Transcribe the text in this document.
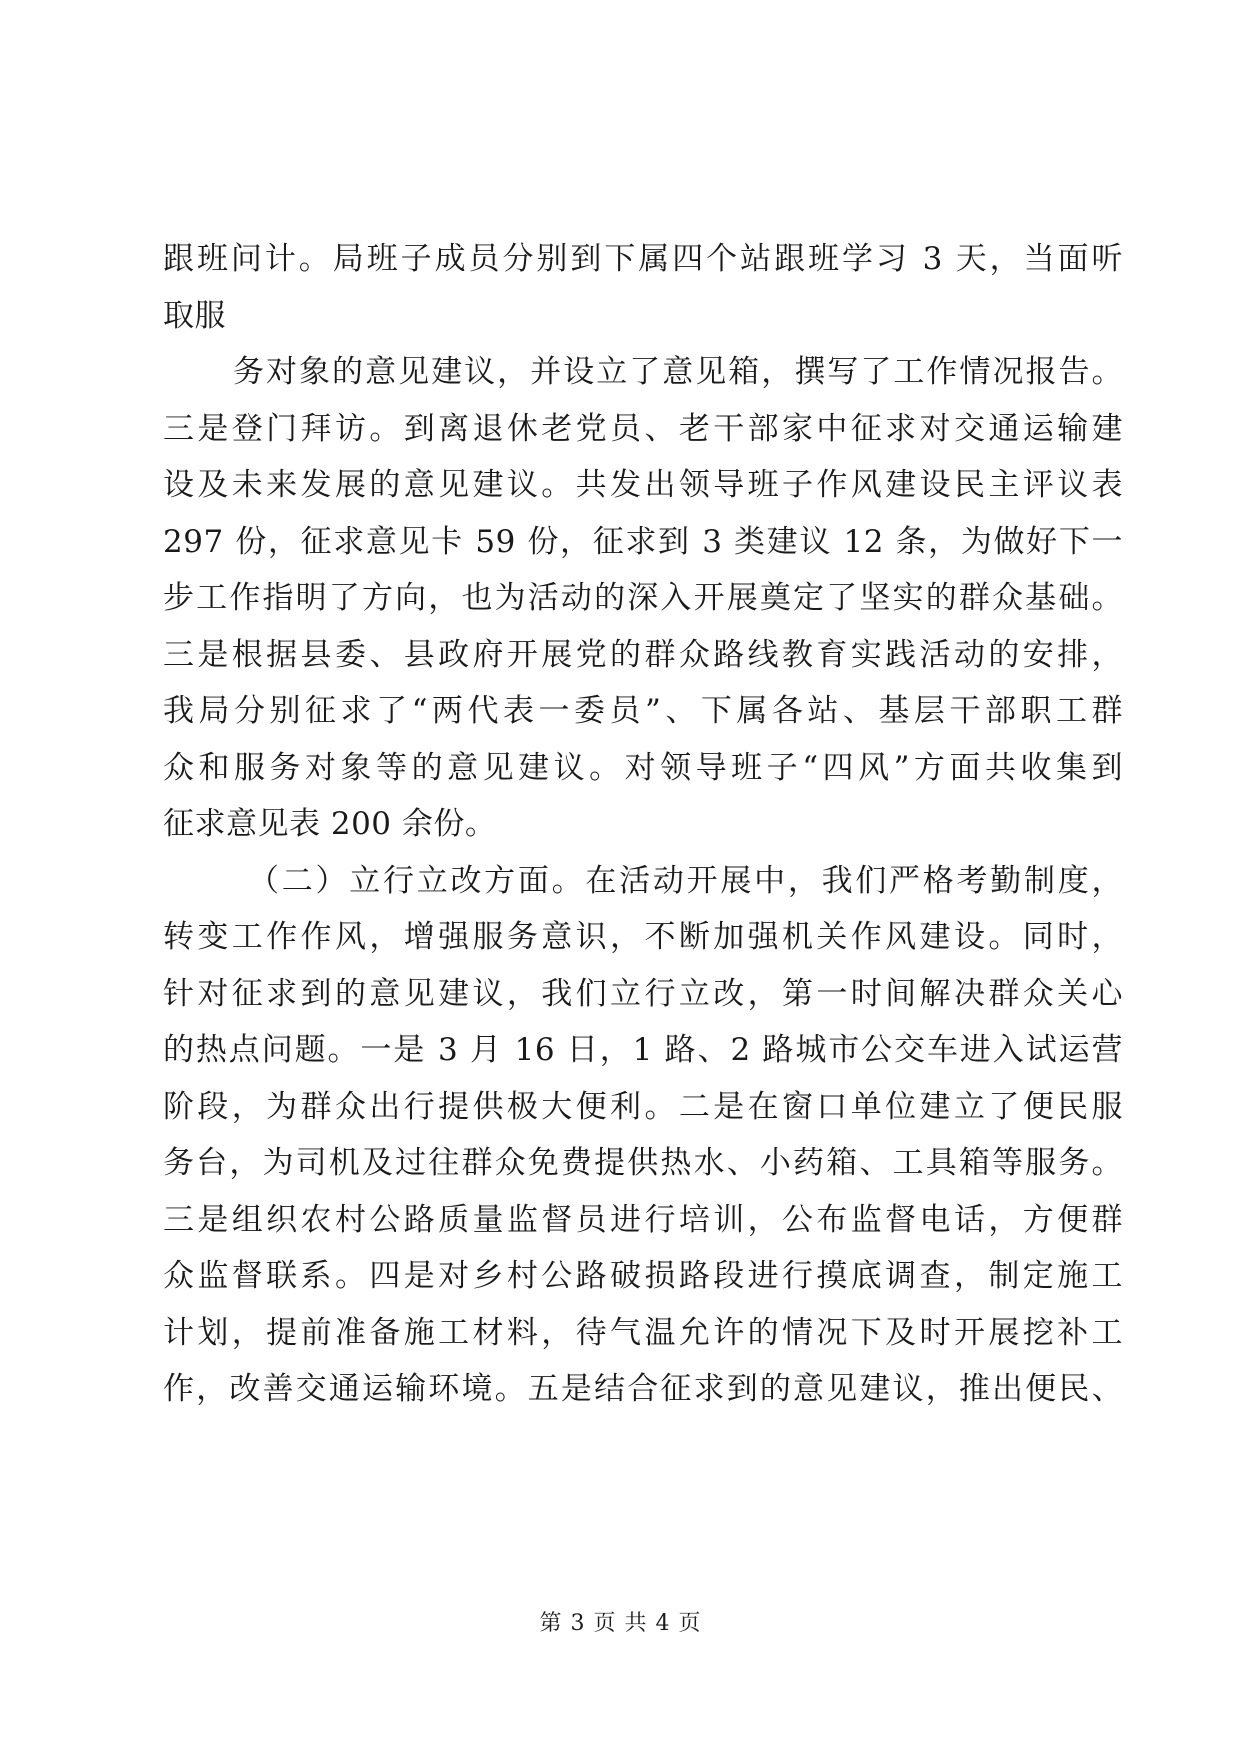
跟班问计。局班子成员分别到下属四个站跟班学习 3 天，当面听
取服
务对象的意见建议，并设立了意见箱，撰写了工作情况报告。
三是登门拜访。到离退休老党员、老干部家中征求对交通运输建
设及未来发展的意见建议。共发出领导班子作风建设民主评议表
297 份，征求意见卡 59 份，征求到 3 类建议 12 条，为做好下一
步工作指明了方向，也为活动的深入开展奠定了坚实的群众基础。
三是根据县委、县政府开展党的群众路线教育实践活动的安排，
我局分别征求了“两代表一委员”、下属各站、基层干部职工群
众和服务对象等的意见建议。对领导班子“四风”方面共收集到
征求意见表 200 余份。
（二）立行立改方面。在活动开展中，我们严格考勤制度，
转变工作作风，增强服务意识，不断加强机关作风建设。同时，
针对征求到的意见建议，我们立行立改，第一时间解决群众关心
的热点问题。一是 3 月 16 日，1 路、2 路城市公交车进入试运营
阶段，为群众出行提供极大便利。二是在窗口单位建立了便民服
务台，为司机及过往群众免费提供热水、小药箱、工具箱等服务。
三是组织农村公路质量监督员进行培训，公布监督电话，方便群
众监督联系。四是对乡村公路破损路段进行摸底调查，制定施工
计划，提前准备施工材料，待气温允许的情况下及时开展挖补工
作，改善交通运输环境。五是结合征求到的意见建议，推出便民、
第 3 页 共 4 页
